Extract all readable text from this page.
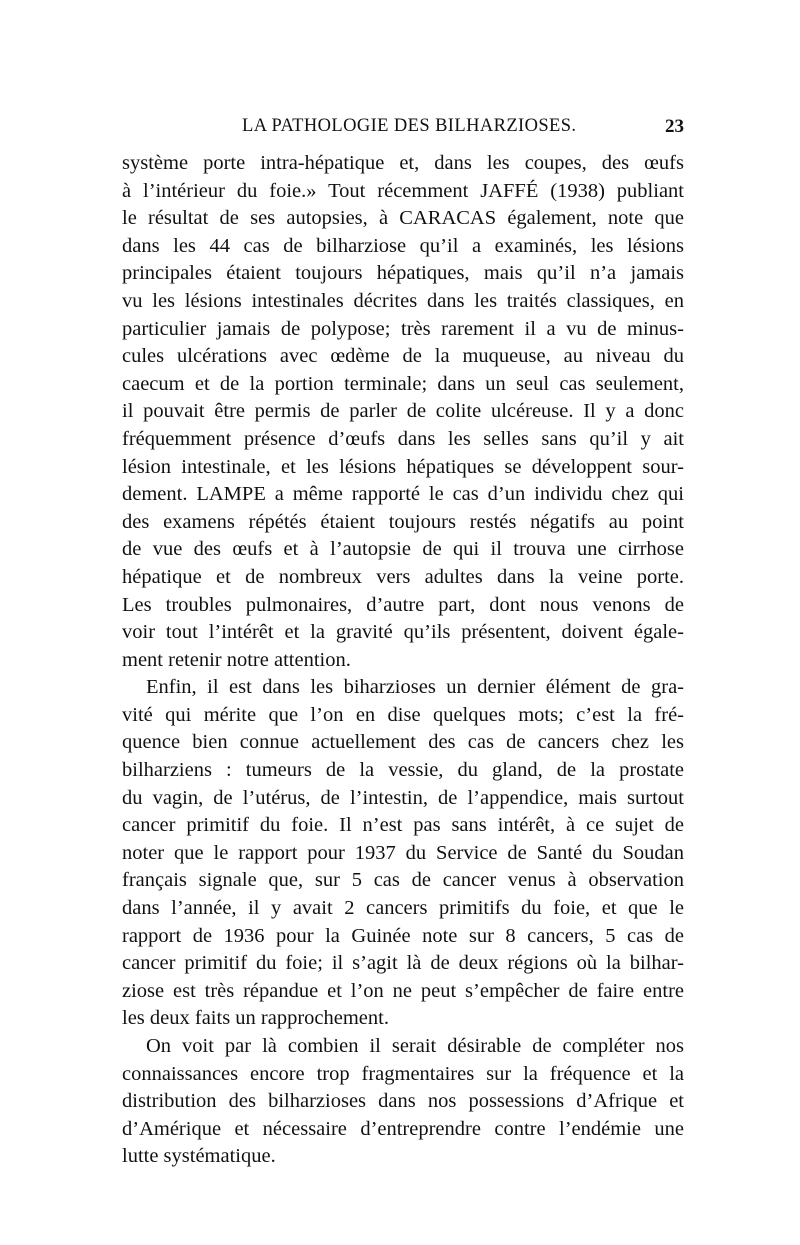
LA PATHOLOGIE DES BILHARZIOSES.	23
système porte intra-hépatique et, dans les coupes, des œufs
à l’intérieur du foie.» Tout récemment JAFFÉ (1938) publiant
le résultat de ses autopsies, à CARACAS également, note que
dans les 44 cas de bilharziose qu’il a examinés, les lésions
principales étaient toujours hépatiques, mais qu’il n’a jamais
vu les lésions intestinales décrites dans les traités classiques, en
particulier jamais de polypose; très rarement il a vu de minus-
cules ulcérations avec œdème de la muqueuse, au niveau du
caecum et de la portion terminale; dans un seul cas seulement,
il pouvait être permis de parler de colite ulcéreuse. Il y a donc
fréquemment présence d’œufs dans les selles sans qu’il y ait
lésion intestinale, et les lésions hépatiques se développent sour-
dement. LAMPE a même rapporté le cas d’un individu chez qui
des examens répétés étaient toujours restés négatifs au point
de vue des œufs et à l’autopsie de qui il trouva une cirrhose
hépatique et de nombreux vers adultes dans la veine porte.
Les troubles pulmonaires, d’autre part, dont nous venons de
voir tout l’intérêt et la gravité qu’ils présentent, doivent égale-
ment retenir notre attention.
Enfin, il est dans les biharzioses un dernier élément de gra-
vité qui mérite que l’on en dise quelques mots; c’est la fré-
quence bien connue actuellement des cas de cancers chez les
bilharziens : tumeurs de la vessie, du gland, de la prostate
du vagin, de l’utérus, de l’intestin, de l’appendice, mais surtout
cancer primitif du foie. Il n’est pas sans intérêt, à ce sujet de
noter que le rapport pour 1937 du Service de Santé du Soudan
français signale que, sur 5 cas de cancer venus à observation
dans l’année, il y avait 2 cancers primitifs du foie, et que le
rapport de 1936 pour la Guinée note sur 8 cancers, 5 cas de
cancer primitif du foie; il s’agit là de deux régions où la bilhar-
ziose est très répandue et l’on ne peut s’empêcher de faire entre
les deux faits un rapprochement.
On voit par là combien il serait désirable de compléter nos
connaissances encore trop fragmentaires sur la fréquence et la
distribution des bilharzioses dans nos possessions d’Afrique et
d’Amérique et nécessaire d’entreprendre contre l’endémie une
lutte systématique.
